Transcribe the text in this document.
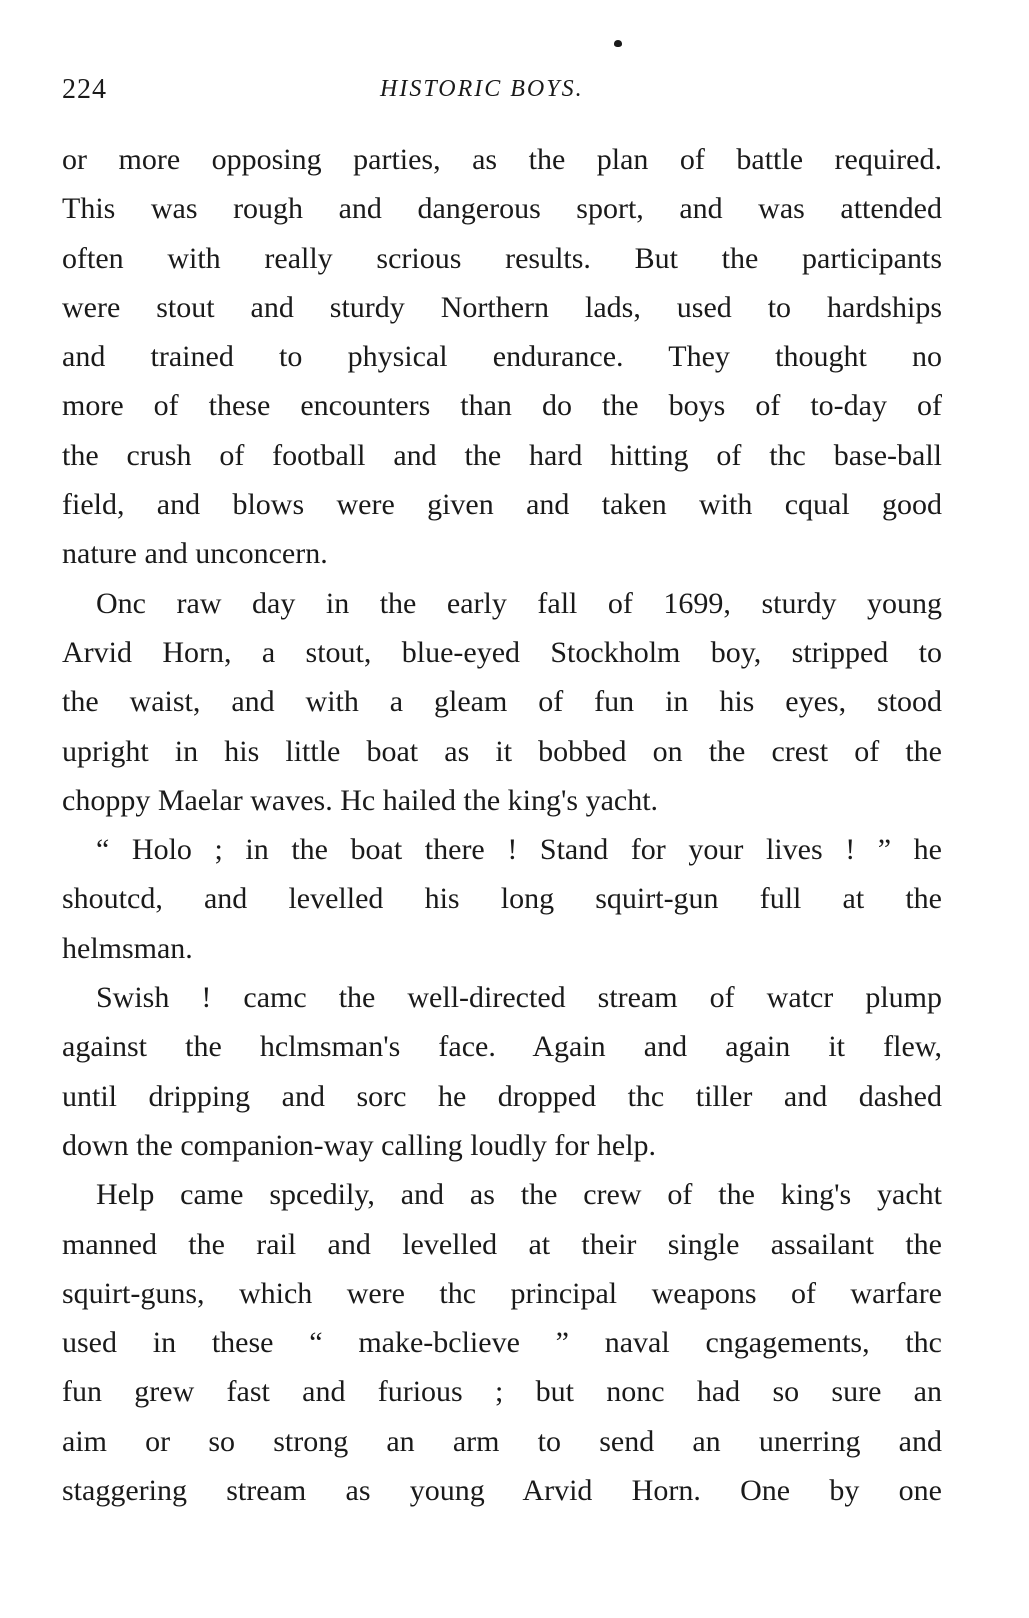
224	HISTORIC BOYS.
or more opposing parties, as the plan of battle required.
This was rough and dangerous sport, and was attended
often with really scrious results. But the participants
were stout and sturdy Northern lads, used to hardships
and trained to physical endurance. They thought no
more of these encounters than do the boys of to-day of
the crush of football and the hard hitting of thc base-ball
field, and blows were given and taken with cqual good
nature and unconcern.
Onc raw day in the early fall of 1699, sturdy young
Arvid Horn, a stout, blue-eyed Stockholm boy, stripped to
the waist, and with a gleam of fun in his eyes, stood
upright in his little boat as it bobbed on the crest of the
choppy Maelar waves. Hc hailed the king's yacht.
“ Holo ; in the boat there ! Stand for your lives ! ” he
shoutcd, and levelled his long squirt-gun full at the
helmsman.
Swish ! camc the well-directed stream of watcr plump
against the hclmsman's face. Again and again it flew,
until dripping and sorc he dropped thc tiller and dashed
down the companion-way calling loudly for help.
Help came spcedily, and as the crew of the king's yacht
manned the rail and levelled at their single assailant the
squirt-guns, which were thc principal weapons of warfare
used in these “ make-bclieve ” naval cngagements, thc
fun grew fast and furious ; but nonc had so sure an
aim or so strong an arm to send an unerring and
staggering stream as young Arvid Horn. One by one
